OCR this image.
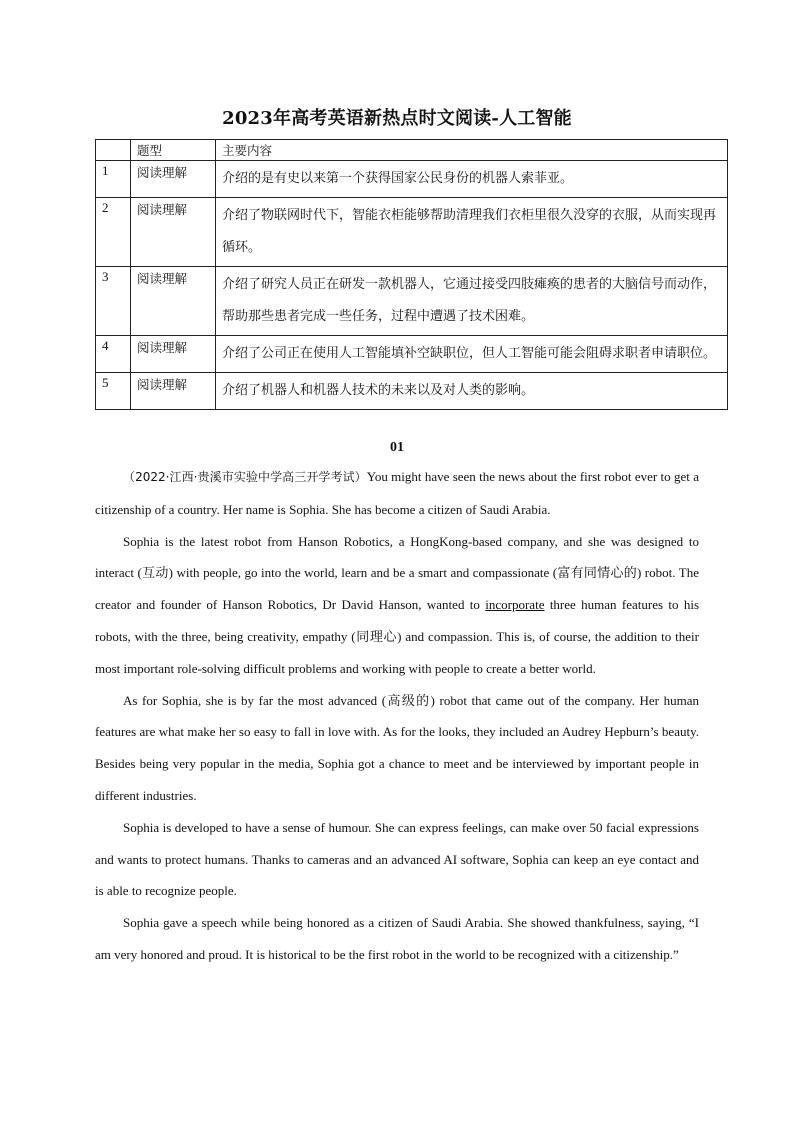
2023年高考英语新热点时文阅读-人工智能
	题型	主要内容
1	阅读理解	介绍的是有史以来第一个获得国家公民身份的机器人索菲亚。
2	阅读理解	介绍了物联网时代下，智能衣柜能够帮助清理我们衣柜里很久没穿的衣服，从而实现再循环。
3	阅读理解	介绍了研究人员正在研发一款机器人，它通过接受四肢瘫痪的患者的大脑信号而动作，帮助那些患者完成一些任务，过程中遭遇了技术困难。
4	阅读理解	介绍了公司正在使用人工智能填补空缺职位，但人工智能可能会阻碍求职者申请职位。
5	阅读理解	介绍了机器人和机器人技术的未来以及对人类的影响。
01

（2022·江西·贵溪市实验中学高三开学考试）You might have seen the news about the first robot ever to get a citizenship of a country. Her name is Sophia. She has become a citizen of Saudi Arabia.

Sophia is the latest robot from Hanson Robotics, a HongKong-based company, and she was designed to interact (互动) with people, go into the world, learn and be a smart and compassionate (富有同情心的) robot. The creator and founder of Hanson Robotics, Dr David Hanson, wanted to incorporate three human features to his robots, with the three, being creativity, empathy (同理心) and compassion. This is, of course, the addition to their most important role-solving difficult problems and working with people to create a better world.

As for Sophia, she is by far the most advanced (高级的) robot that came out of the company. Her human features are what make her so easy to fall in love with. As for the looks, they included an Audrey Hepburn’s beauty. Besides being very popular in the media, Sophia got a chance to meet and be interviewed by important people in different industries.

Sophia is developed to have a sense of humour. She can express feelings, can make over 50 facial expressions and wants to protect humans. Thanks to cameras and an advanced AI software, Sophia can keep an eye contact and is able to recognize people.

Sophia gave a speech while being honored as a citizen of Saudi Arabia. She showed thankfulness, saying, “I am very honored and proud. It is historical to be the first robot in the world to be recognized with a citizenship.”
